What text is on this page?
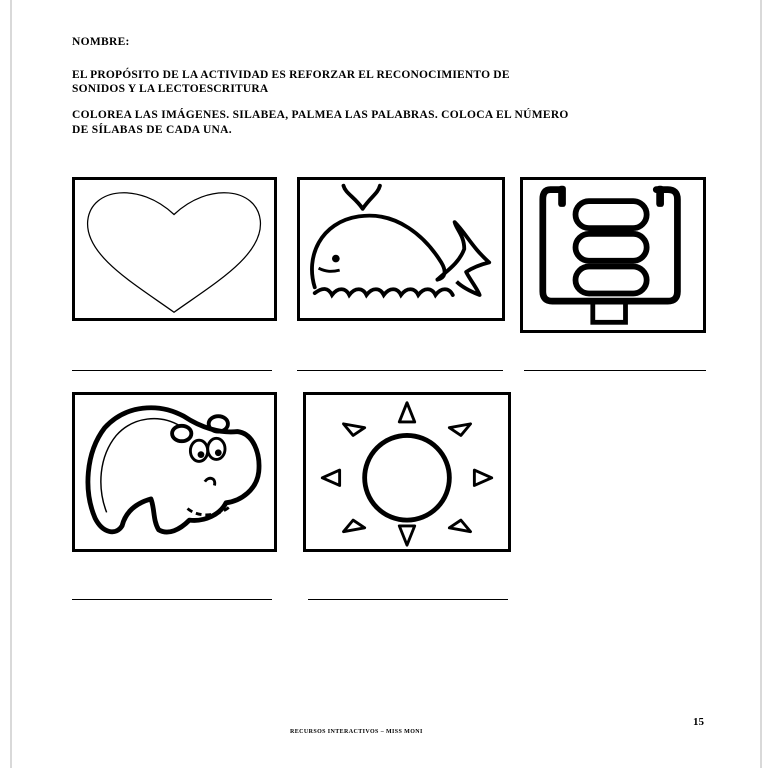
NOMBRE:
EL PROPÓSITO DE LA ACTIVIDAD ES REFORZAR EL RECONOCIMIENTO DE
SONIDOS Y LA LECTOESCRITURA
COLOREA LAS IMÁGENES. SILABEA, PALMEA LAS PALABRAS. COLOCA EL NÚMERO
DE SÍLABAS DE CADA UNA.
RECURSOS INTERACTIVOS – MISS MONI
15
